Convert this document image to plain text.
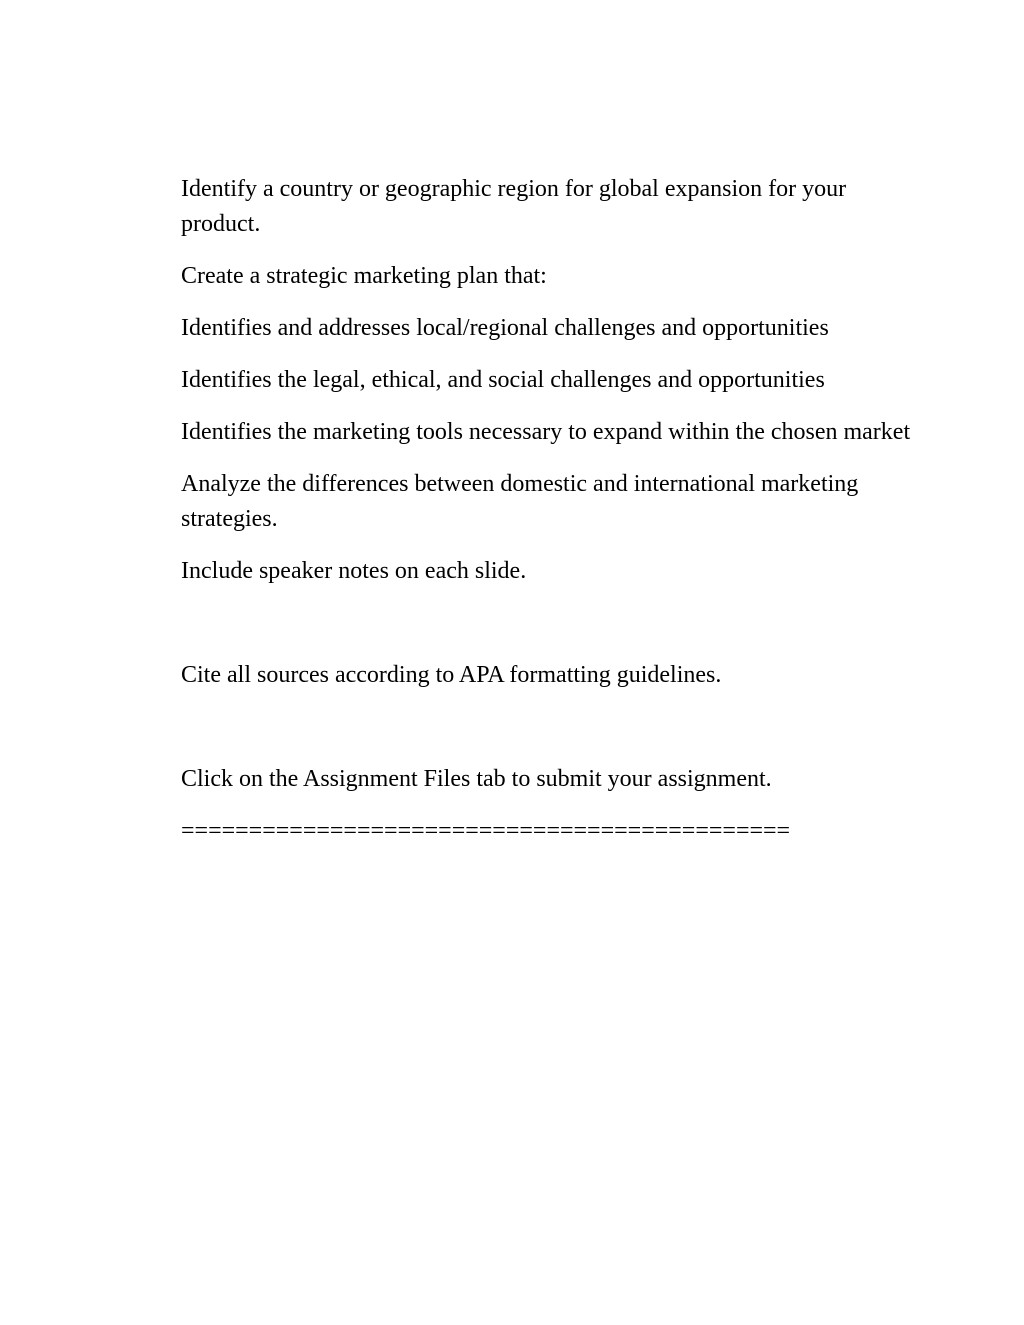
Identify a country or geographic region for global expansion for your product.

Create a strategic marketing plan that:

Identifies and addresses local/regional challenges and opportunities

Identifies the legal, ethical, and social challenges and opportunities

Identifies the marketing tools necessary to expand within the chosen market

Analyze the differences between domestic and international marketing strategies.

Include speaker notes on each slide.

Cite all sources according to APA formatting guidelines.

Click on the Assignment Files tab to submit your assignment.

=============================================
